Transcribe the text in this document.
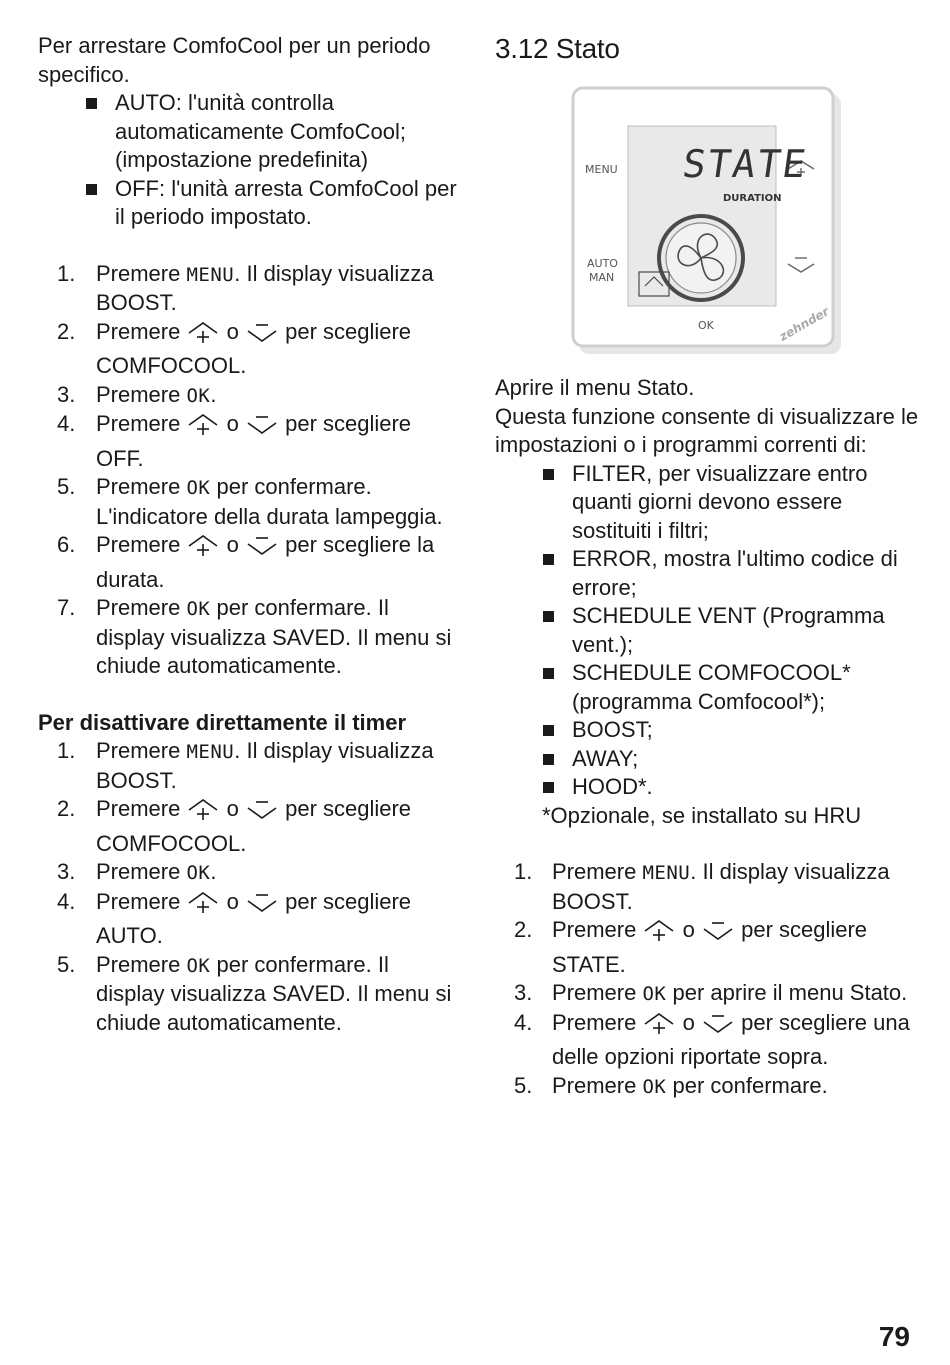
Per arrestare ComfoCool per un periodo specifico.

AUTO: l'unità controlla automaticamente ComfoCool; (impostazione predefinita)
OFF: l'unità arresta ComfoCool per il periodo impostato.
1. Premere MENU. Il display visualizza BOOST.
2. Premere  o  per scegliere COMFOCOOL.
3. Premere OK.
4. Premere  o  per scegliere OFF.
5. Premere OK per confermare. L'indicatore della durata lampeggia.
6. Premere  o  per scegliere la durata.
7. Premere OK per confermare. Il display visualizza SAVED. Il menu si chiude automaticamente.

Per disattivare direttamente il timer

1. Premere MENU. Il display visualizza BOOST.
2. Premere  o  per scegliere COMFOCOOL.
3. Premere OK.
4. Premere  o  per scegliere AUTO.
5. Premere OK per confermare. Il display visualizza SAVED. Il menu si chiude automaticamente.
3.12 Stato
MENU
AUTO
MAN
STATE
DURATION
OK	zehnder

Aprire il menu Stato.

Questa funzione consente di visualizzare le impostazioni o i programmi correnti di:

FILTER, per visualizzare entro quanti giorni devono essere sostituiti i filtri;
ERROR, mostra l'ultimo codice di errore;
SCHEDULE VENT (Programma vent.);
SCHEDULE COMFOCOOL* (programma Comfocool*);
BOOST;
AWAY;
HOOD*.

*Opzionale, se installato su HRU

1. Premere MENU. Il display visualizza BOOST.
2. Premere  o  per scegliere STATE.
3. Premere OK per aprire il menu Stato.
4. Premere  o  per scegliere una delle opzioni riportate sopra.
5. Premere OK per confermare.
79
